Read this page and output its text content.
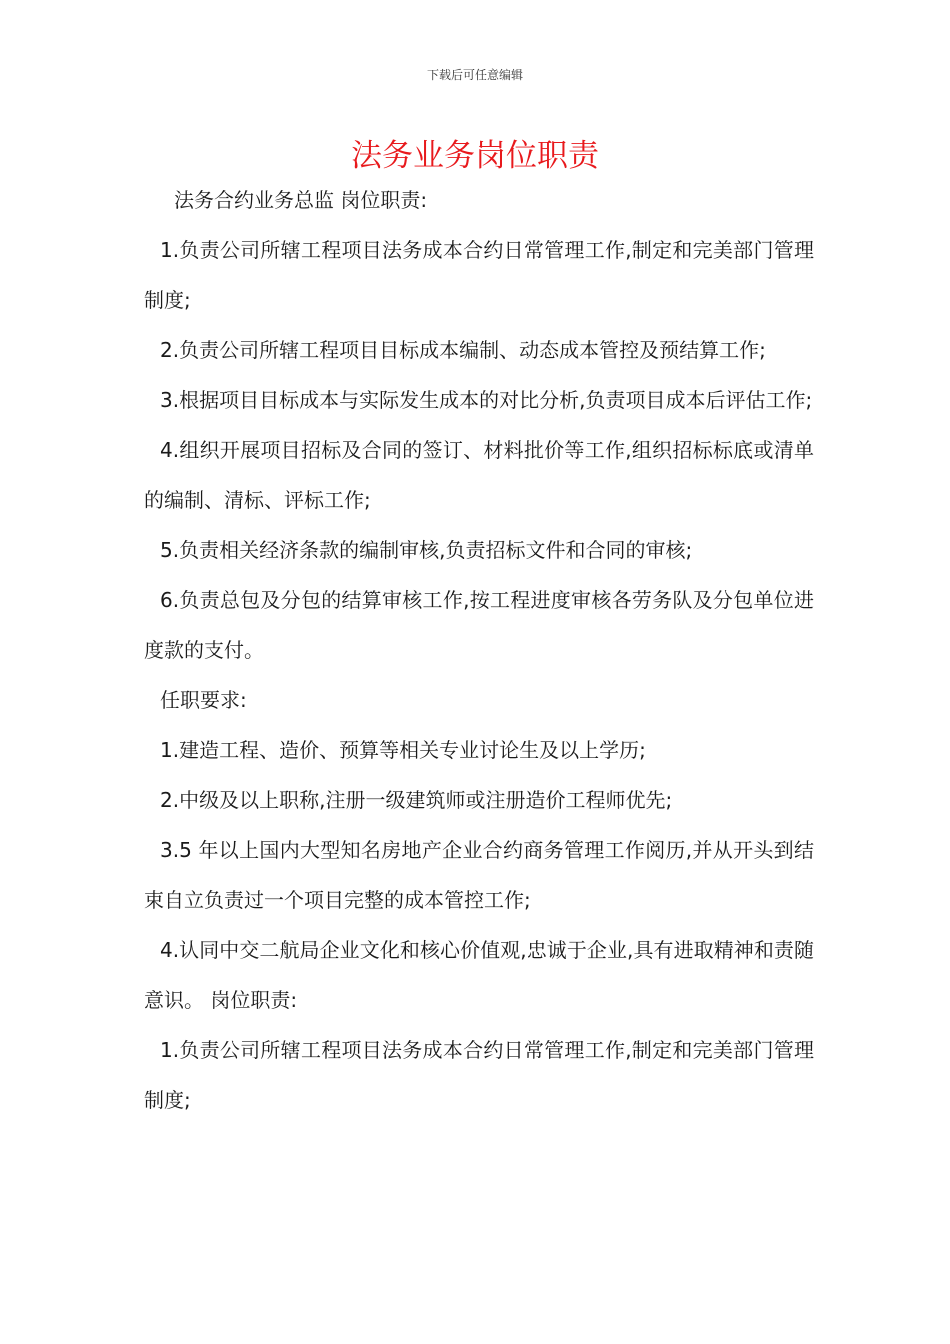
下载后可任意编辑
法务业务岗位职责

法务合约业务总监 岗位职责:

1.负责公司所辖工程项目法务成本合约日常管理工作,制定和完美部门管理制度;

2.负责公司所辖工程项目目标成本编制、动态成本管控及预结算工作;

3.根据项目目标成本与实际发生成本的对比分析,负责项目成本后评估工作;

4.组织开展项目招标及合同的签订、材料批价等工作,组织招标标底或清单的编制、清标、评标工作;

5.负责相关经济条款的编制审核,负责招标文件和合同的审核;

6.负责总包及分包的结算审核工作,按工程进度审核各劳务队及分包单位进度款的支付。

任职要求:

1.建造工程、造价、预算等相关专业讨论生及以上学历;

2.中级及以上职称,注册一级建筑师或注册造价工程师优先;

3.5 年以上国内大型知名房地产企业合约商务管理工作阅历,并从开头到结束自立负责过一个项目完整的成本管控工作;

4.认同中交二航局企业文化和核心价值观,忠诚于企业,具有进取精神和责随意识。 岗位职责:

1.负责公司所辖工程项目法务成本合约日常管理工作,制定和完美部门管理制度;
